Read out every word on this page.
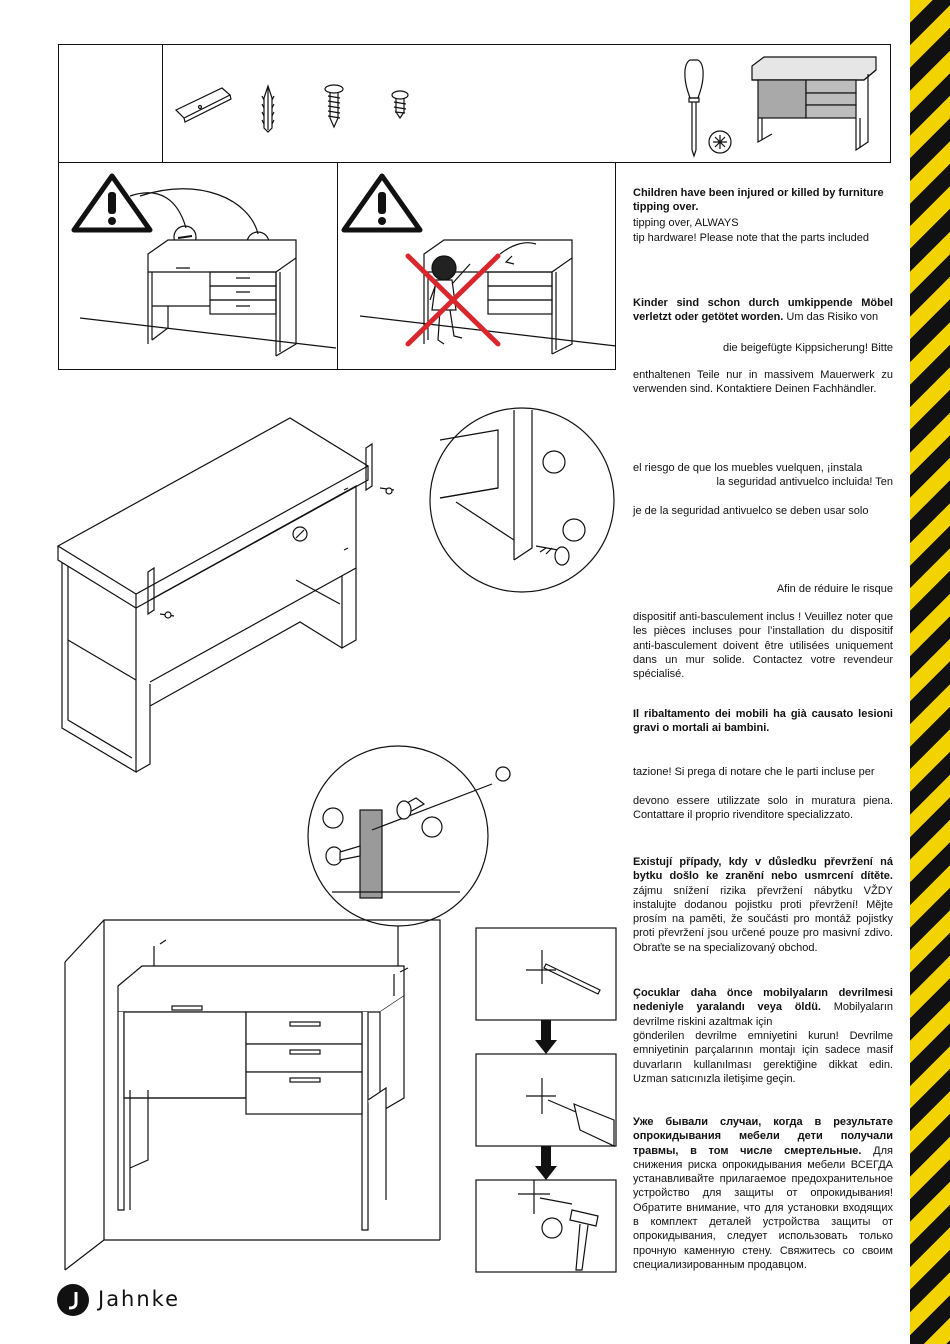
Children have been injured or killed by furniture tipping over.

tipping over, ALWAYS

tip hardware! Please note that the parts included

Kinder sind schon durch umkippende Möbel verletzt oder getötet worden. Um das Risiko von

die beigefügte Kippsicherung! Bitte

enthaltenen Teile nur in massivem Mauerwerk zu verwenden sind. Kontaktiere Deinen Fachhändler.

el riesgo de que los muebles vuelquen, ¡instala

la seguridad antivuelco incluida! Ten

je de la seguridad antivuelco se deben usar solo

Afin de réduire le risque

dispositif anti-basculement inclus ! Veuillez noter que les pièces incluses pour l’installation du dispositif anti-basculement doivent être utilisées uniquement dans un mur solide. Contactez votre revendeur spécialisé.

Il ribaltamento dei mobili ha già causato lesioni gravi o mortali ai bambini.

tazione! Si prega di notare che le parti incluse per

devono essere utilizzate solo in muratura piena. Contattare il proprio rivenditore specializzato.

Existují případy, kdy v důsledku převržení ná bytku došlo ke zranění nebo usmrcení dítěte. zájmu snížení rizika převržení nábytku VŽDY instalujte dodanou pojistku proti převržení! Mějte prosím na paměti, že součásti pro montáž pojistky proti převržení jsou určené pouze pro masivní zdivo. Obraťte se na specializovaný obchod.

Çocuklar daha önce mobilyaların devrilmesi nedeniyle yaralandı veya öldü. Mobilyaların devrilme riskini azaltmak için

gönderilen devrilme emniyetini kurun! Devrilme emniyetinin parçalarının montajı için sadece masif duvarların kullanılması gerektiğine dikkat edin. Uzman satıcınızla iletişime geçin.

Уже бывали случаи, когда в результате опрокидывания мебели дети получали травмы, в том числе смертельные. Для снижения риска опрокидывания мебели ВСЕГДА устанавливайте прилагаемое предохранительное устройство для защиты от опрокидывания! Обратите внимание, что для установки входящих в комплект деталей устройства защиты от опрокидывания, следует использовать только прочную каменную стену. Свяжитесь со своим специализированным продавцом.

Jahnke
